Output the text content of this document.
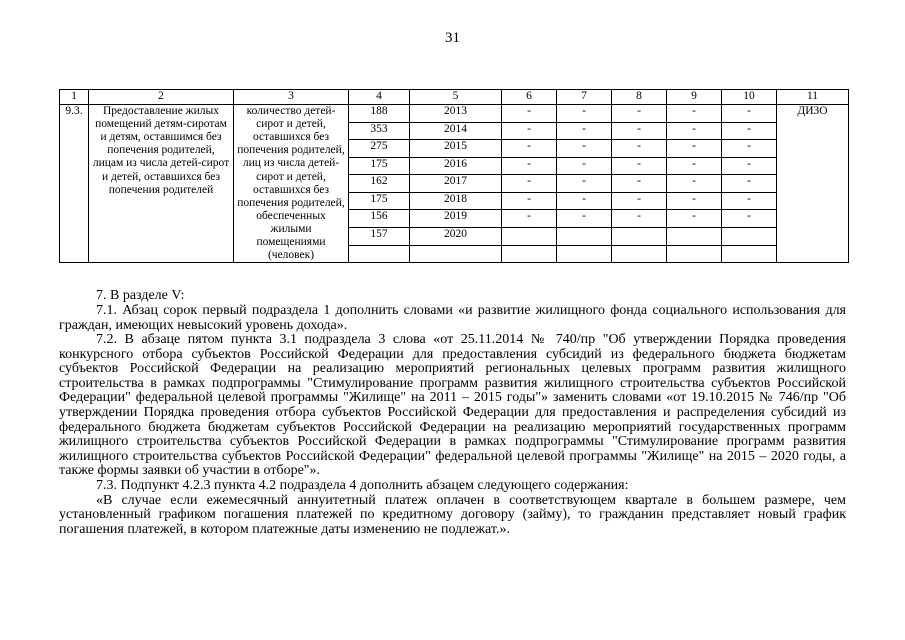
31
1	2	3	4	5	6	7	8	9	10	11
9.3.	Предоставление жилых помещений детям-сиротам и детям, оставшимся без попечения родителей, лицам из числа детей-сирот и детей, оставшихся без попечения родителей	количество детей-сирот и детей, оставшихся без попечения родителей, лиц из числа детей-сирот и детей, оставшихся без попечения родителей, обеспеченных жилыми помещениями (человек)	188	2013	-	-	-	-	-	ДИЗО
			353	2014	-	-	-	-	-	
			275	2015	-	-	-	-	-	
			175	2016	-	-	-	-	-	
			162	2017	-	-	-	-	-	
			175	2018	-	-	-	-	-	
			156	2019	-	-	-	-	-	
			157	2020						

7. В разделе V:

7.1. Абзац сорок первый подраздела 1 дополнить словами «и развитие жилищного фонда социального использования для граждан, имеющих невысокий уровень дохода».

7.2. В абзаце пятом пункта 3.1 подраздела 3 слова «от 25.11.2014 № 740/пр "Об утверждении Порядка проведения конкурсного отбора субъектов Российской Федерации для предоставления субсидий из федерального бюджета бюджетам субъектов Российской Федерации на реализацию мероприятий региональных целевых программ развития жилищного строительства в рамках подпрограммы "Стимулирование программ развития жилищного строительства субъектов Российской Федерации" федеральной целевой программы "Жилище" на 2011 – 2015 годы"» заменить словами «от 19.10.2015 № 746/пр "Об утверждении Порядка проведения отбора субъектов Российской Федерации для предоставления и распределения субсидий из федерального бюджета бюджетам субъектов Российской Федерации на реализацию мероприятий государственных программ жилищного строительства субъектов Российской Федерации в рамках подпрограммы "Стимулирование программ развития жилищного строительства субъектов Российской Федерации" федеральной целевой программы "Жилище" на 2015 – 2020 годы, а также формы заявки об участии в отборе"».

7.3. Подпункт 4.2.3 пункта 4.2 подраздела 4 дополнить абзацем следующего содержания:

«В случае если ежемесячный аннуитетный платеж оплачен в соответствующем квартале в большем размере, чем установленный графиком погашения платежей по кредитному договору (займу), то гражданин представляет новый график погашения платежей, в котором платежные даты изменению не подлежат.».
